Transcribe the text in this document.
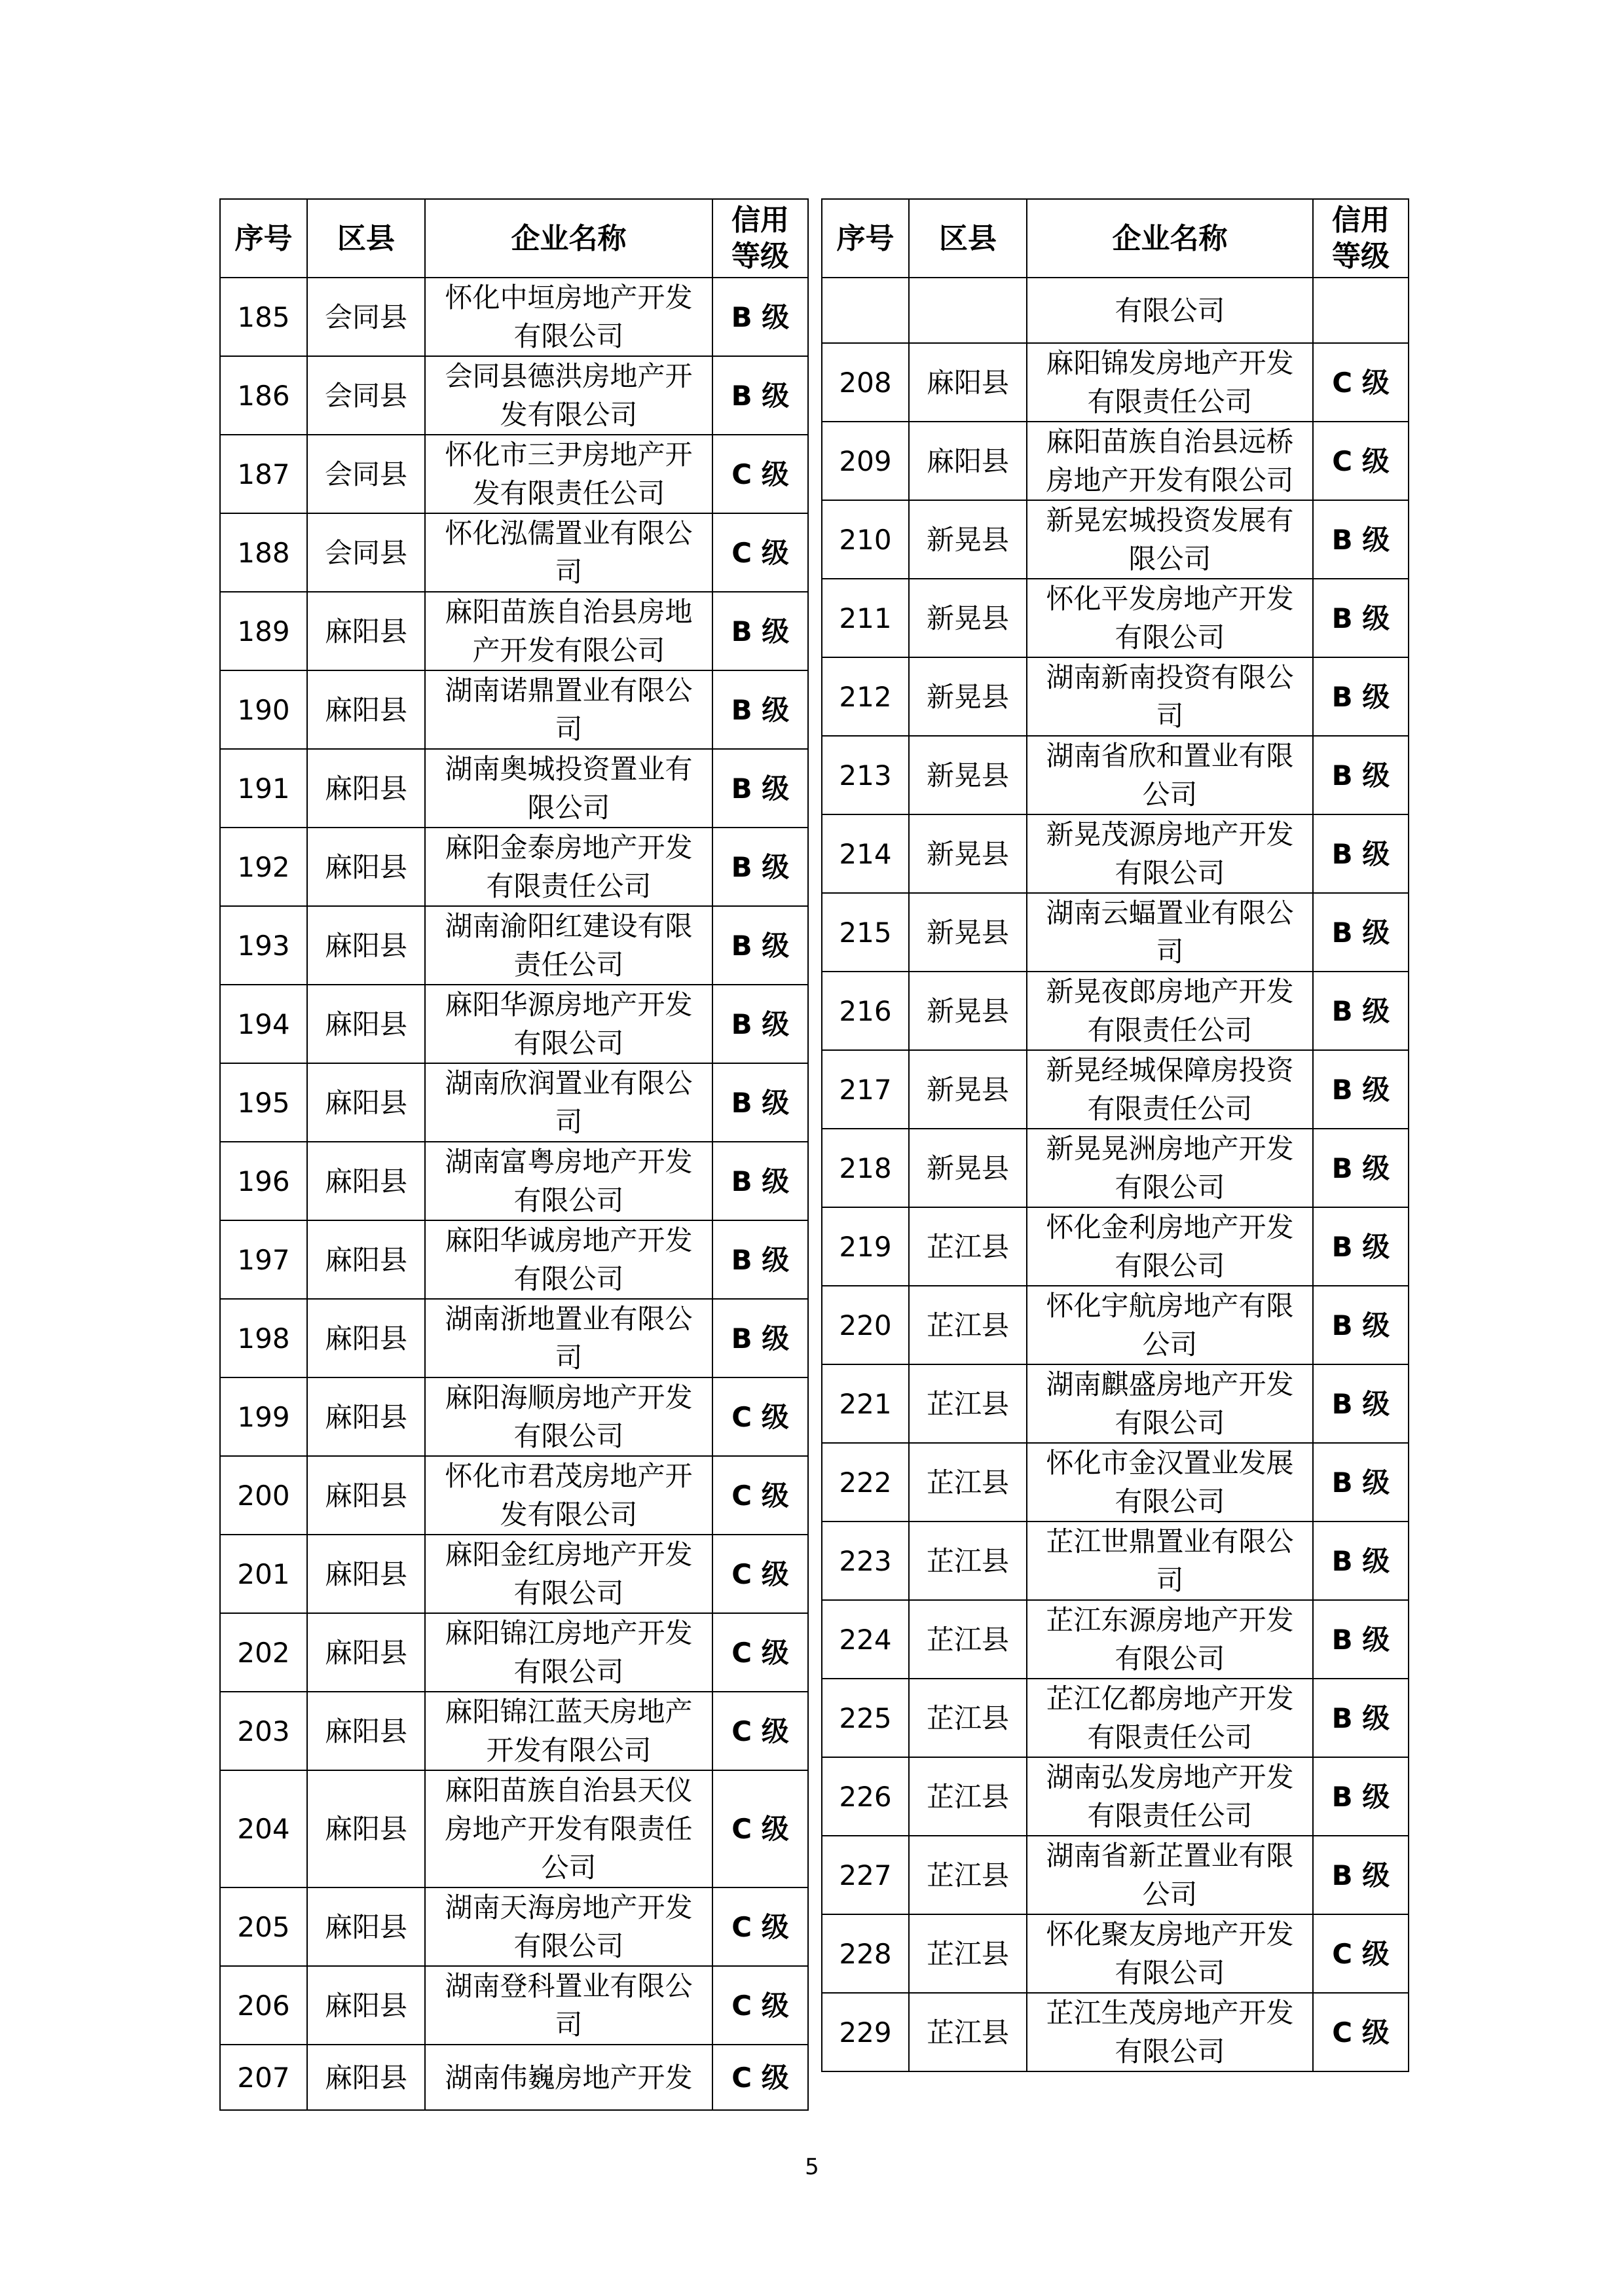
序号	区县	企业名称	信用等级
185	会同县	怀化中垣房地产开发有限公司	B 级
186	会同县	会同县德洪房地产开发有限公司	B 级
187	会同县	怀化市三尹房地产开发有限责任公司	C 级
188	会同县	怀化泓儒置业有限公司	C 级
189	麻阳县	麻阳苗族自治县房地产开发有限公司	B 级
190	麻阳县	湖南诺鼎置业有限公司	B 级
191	麻阳县	湖南奥城投资置业有限公司	B 级
192	麻阳县	麻阳金泰房地产开发有限责任公司	B 级
193	麻阳县	湖南渝阳红建设有限责任公司	B 级
194	麻阳县	麻阳华源房地产开发有限公司	B 级
195	麻阳县	湖南欣润置业有限公司	B 级
196	麻阳县	湖南富粤房地产开发有限公司	B 级
197	麻阳县	麻阳华诚房地产开发有限公司	B 级
198	麻阳县	湖南浙地置业有限公司	B 级
199	麻阳县	麻阳海顺房地产开发有限公司	C 级
200	麻阳县	怀化市君茂房地产开发有限公司	C 级
201	麻阳县	麻阳金红房地产开发有限公司	C 级
202	麻阳县	麻阳锦江房地产开发有限公司	C 级
203	麻阳县	麻阳锦江蓝天房地产开发有限公司	C 级
204	麻阳县	麻阳苗族自治县天仪房地产开发有限责任公司	C 级
205	麻阳县	湖南天海房地产开发有限公司	C 级
206	麻阳县	湖南登科置业有限公司	C 级
207	麻阳县	湖南伟巍房地产开发	C 级
序号	区县	企业名称	信用等级
		有限公司	
208	麻阳县	麻阳锦发房地产开发有限责任公司	C 级
209	麻阳县	麻阳苗族自治县远桥房地产开发有限公司	C 级
210	新晃县	新晃宏城投资发展有限公司	B 级
211	新晃县	怀化平发房地产开发有限公司	B 级
212	新晃县	湖南新南投资有限公司	B 级
213	新晃县	湖南省欣和置业有限公司	B 级
214	新晃县	新晃茂源房地产开发有限公司	B 级
215	新晃县	湖南云蝠置业有限公司	B 级
216	新晃县	新晃夜郎房地产开发有限责任公司	B 级
217	新晃县	新晃经城保障房投资有限责任公司	B 级
218	新晃县	新晃晃洲房地产开发有限公司	B 级
219	芷江县	怀化金利房地产开发有限公司	B 级
220	芷江县	怀化宇航房地产有限公司	B 级
221	芷江县	湖南麒盛房地产开发有限公司	B 级
222	芷江县	怀化市金汉置业发展有限公司	B 级
223	芷江县	芷江世鼎置业有限公司	B 级
224	芷江县	芷江东源房地产开发有限公司	B 级
225	芷江县	芷江亿都房地产开发有限责任公司	B 级
226	芷江县	湖南弘发房地产开发有限责任公司	B 级
227	芷江县	湖南省新芷置业有限公司	B 级
228	芷江县	怀化聚友房地产开发有限公司	C 级
229	芷江县	芷江生茂房地产开发有限公司	C 级
5
